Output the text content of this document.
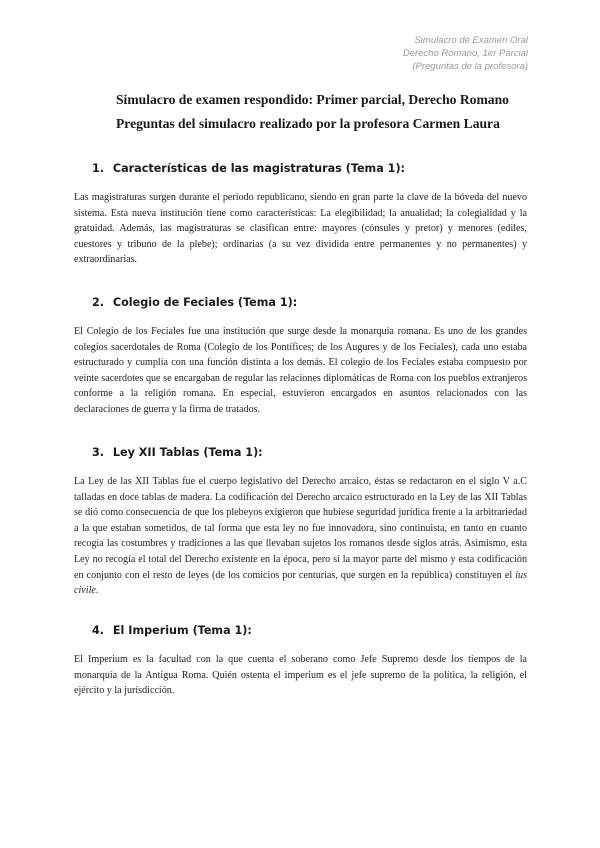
Simulacro de Examen Oral
Derecho Romano, 1er Parcial
(Preguntas de la profesora)
Simulacro de examen respondido: Primer parcial, Derecho Romano
Preguntas del simulacro realizado por la profesora Carmen Laura
1. Características de las magistraturas (Tema 1):
Las magistraturas surgen durante el periodo republicano, siendo en gran parte la clave de la bóveda del nuevo sistema. Esta nueva institución tiene como características: La elegibilidad; la anualidad; la colegialidad y la gratuidad. Además, las magistraturas se clasifican entre: mayores (cónsules y pretor) y menores (ediles, cuestores y tribuno de la plebe); ordinarias (a su vez dividida entre permanentes y no permanentes) y extraordinarias.
2. Colegio de Feciales (Tema 1):
El Colegio de los Feciales fue una institución que surge desde la monarquía romana. Es uno de los grandes colegios sacerdotales de Roma (Colegio de los Pontífices; de los Augures y de los Feciales), cada uno estaba estructurado y cumplía con una función distinta a los demás. El colegio de los Feciales estaba compuesto por veinte sacerdotes que se encargaban de regular las relaciones diplomáticas de Roma con los pueblos extranjeros conforme a la religión romana. En especial, estuvieron encargados en asuntos relacionados con las declaraciones de guerra y la firma de tratados.
3. Ley XII Tablas (Tema 1):
La Ley de las XII Tablas fue el cuerpo legislativo del Derecho arcaico, éstas se redactaron en el siglo V a.C talladas en doce tablas de madera. La codificación del Derecho arcaico estructurado en la Ley de las XII Tablas se dió como consecuencia de que los plebeyos exigieron que hubiese seguridad jurídica frente a la arbitrariedad a la que estaban sometidos, de tal forma que esta ley no fue innovadora, sino continuista, en tanto en cuanto recogía las costumbres y tradiciones a las que llevaban sujetos los romanos desde siglos atrás. Asimismo, esta Ley no recogía el total del Derecho existente en la época, pero sí la mayor parte del mismo y esta codificación en conjunto con el resto de leyes (de los comicios por centurias, que surgen en la república) constituyen el ius civile.
4. El Imperium (Tema 1):
El Imperium es la facultad con la que cuenta el soberano como Jefe Supremo desde los tiempos de la monarquía de la Antigua Roma. Quién ostenta el imperium es el jefe supremo de la política, la religión, el ejército y la jurisdicción.
